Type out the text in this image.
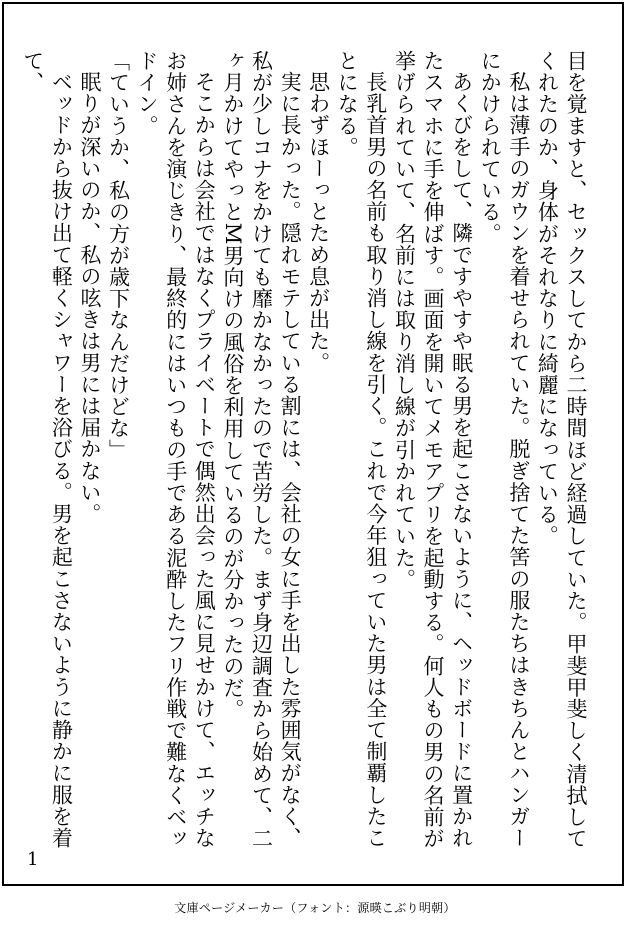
目を覚ますと、セックスしてから二時間ほど経過していた。甲斐甲斐しく清拭してくれたのか、身体がそれなりに綺麗になっている。

私は薄手のガウンを着せられていた。脱ぎ捨てた筈の服たちはきちんとハンガーにかけられている。

あくびをして、隣ですやすや眠る男を起こさないように、ヘッドボードに置かれたスマホに手を伸ばす。画面を開いてメモアプリを起動する。何人もの男の名前が挙げられていて、名前には取り消し線が引かれていた。

長乳首男の名前も取り消し線を引く。これで今年狙っていた男は全て制覇したことになる。

思わずほーっとため息が出た。

実に長かった。隠れモテしている割には、会社の女に手を出した雰囲気がなく、私が少しコナをかけても靡かなかったので苦労した。まず身辺調査から始めて、二ヶ月かけてやっとM男向けの風俗を利用しているのが分かったのだ。

そこからは会社ではなくプライベートで偶然出会った風に見せかけて、エッチなお姉さんを演じきり、最終的にはいつもの手である泥酔したフリ作戦で難なくベッドイン。

「ていうか、私の方が歳下なんだけどな」

眠りが深いのか、私の呟きは男には届かない。

ベッドから抜け出て軽くシャワーを浴びる。男を起こさないように静かに服を着て、

1
文庫ページメーカー（フォント：源暎こぶり明朝）
